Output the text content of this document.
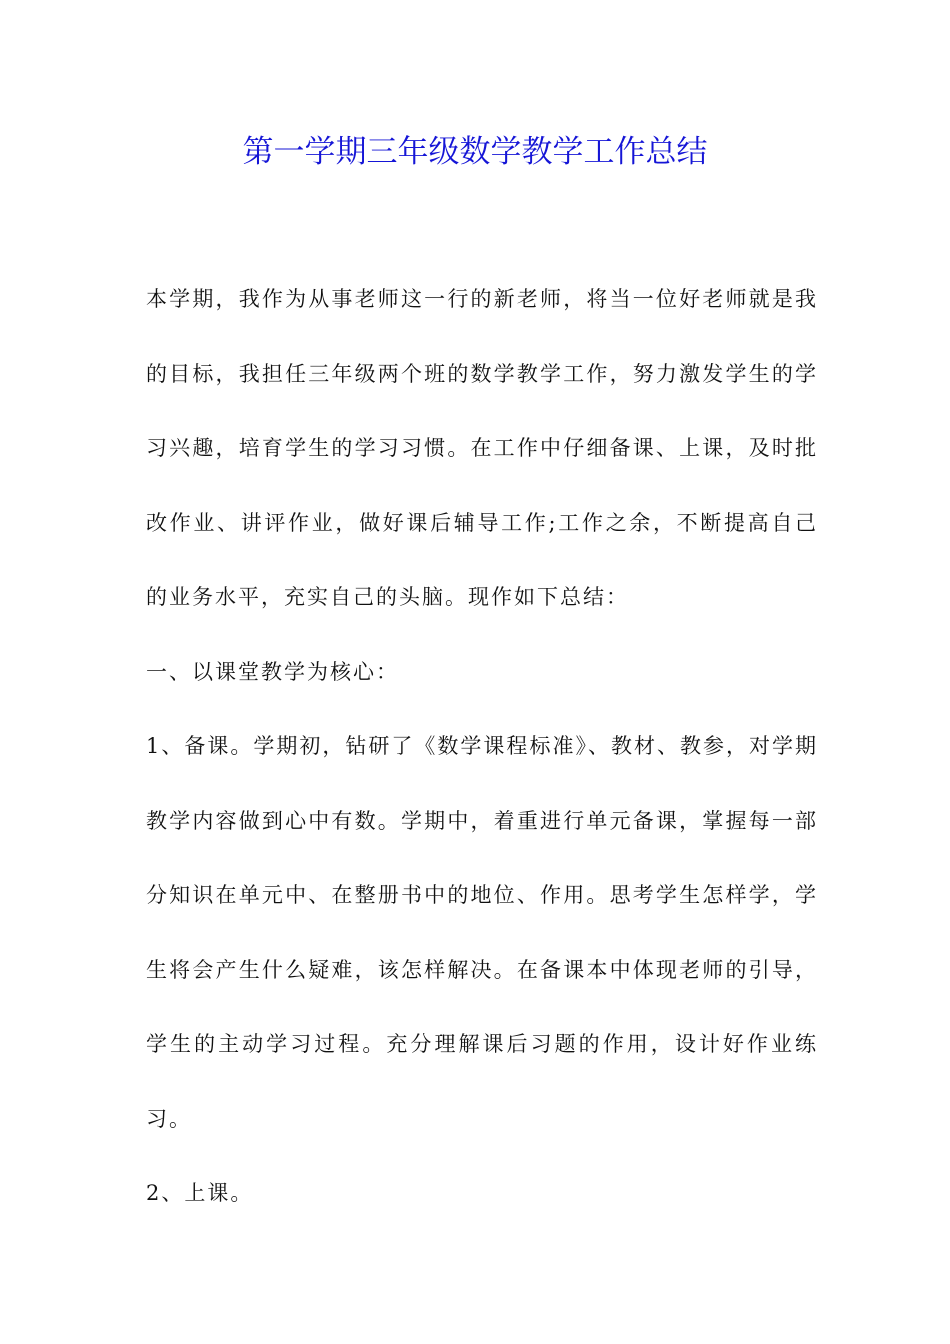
第一学期三年级数学教学工作总结

本学期，我作为从事老师这一行的新老师，将当一位好老师就是我的目标，我担任三年级两个班的数学教学工作，努力激发学生的学习兴趣，培育学生的学习习惯。在工作中仔细备课、上课，及时批改作业、讲评作业，做好课后辅导工作;工作之余，不断提高自己的业务水平，充实自己的头脑。现作如下总结：

一、以课堂教学为核心：

1、备课。学期初，钻研了《数学课程标准》、教材、教参，对学期教学内容做到心中有数。学期中，着重进行单元备课，掌握每一部分知识在单元中、在整册书中的地位、作用。思考学生怎样学，学生将会产生什么疑难，该怎样解决。在备课本中体现老师的引导，学生的主动学习过程。充分理解课后习题的作用，设计好作业练习。

2、上课。
